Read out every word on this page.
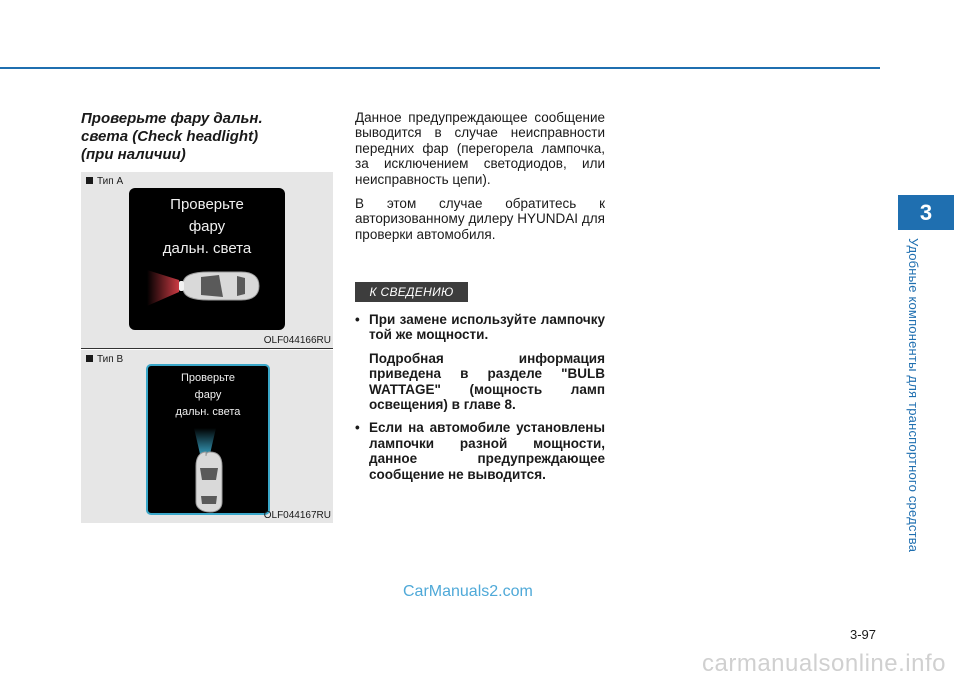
3
Удобные компоненты для транспортного средства
Проверьте фару дальн.
света (Check headlight)
(при наличии)
Тип A
Проверьте
фару
дальн. света
OLF044166RU
Тип B
Проверьте
фару
дальн. света
OLF044167RU

Данное предупреждающее сообщение выводится в случае неисправности передних фар (перегорела лампочка, за исключением светодиодов, или неисправность цепи).

В этом случае обратитесь к авторизованному дилеру HYUNDAI для проверки автомобиля.

К СВЕДЕНИЮ
• При замене используйте лампочку той же мощности.

Подробная информация приведена в разделе "BULB WATTAGE" (мощность ламп освещения) в главе 8.

• Если на автомобиле установлены лампочки разной мощности, данное предупреждающее сообщение не выводится.

CarManuals2.com
3-97
carmanualsonline.info
